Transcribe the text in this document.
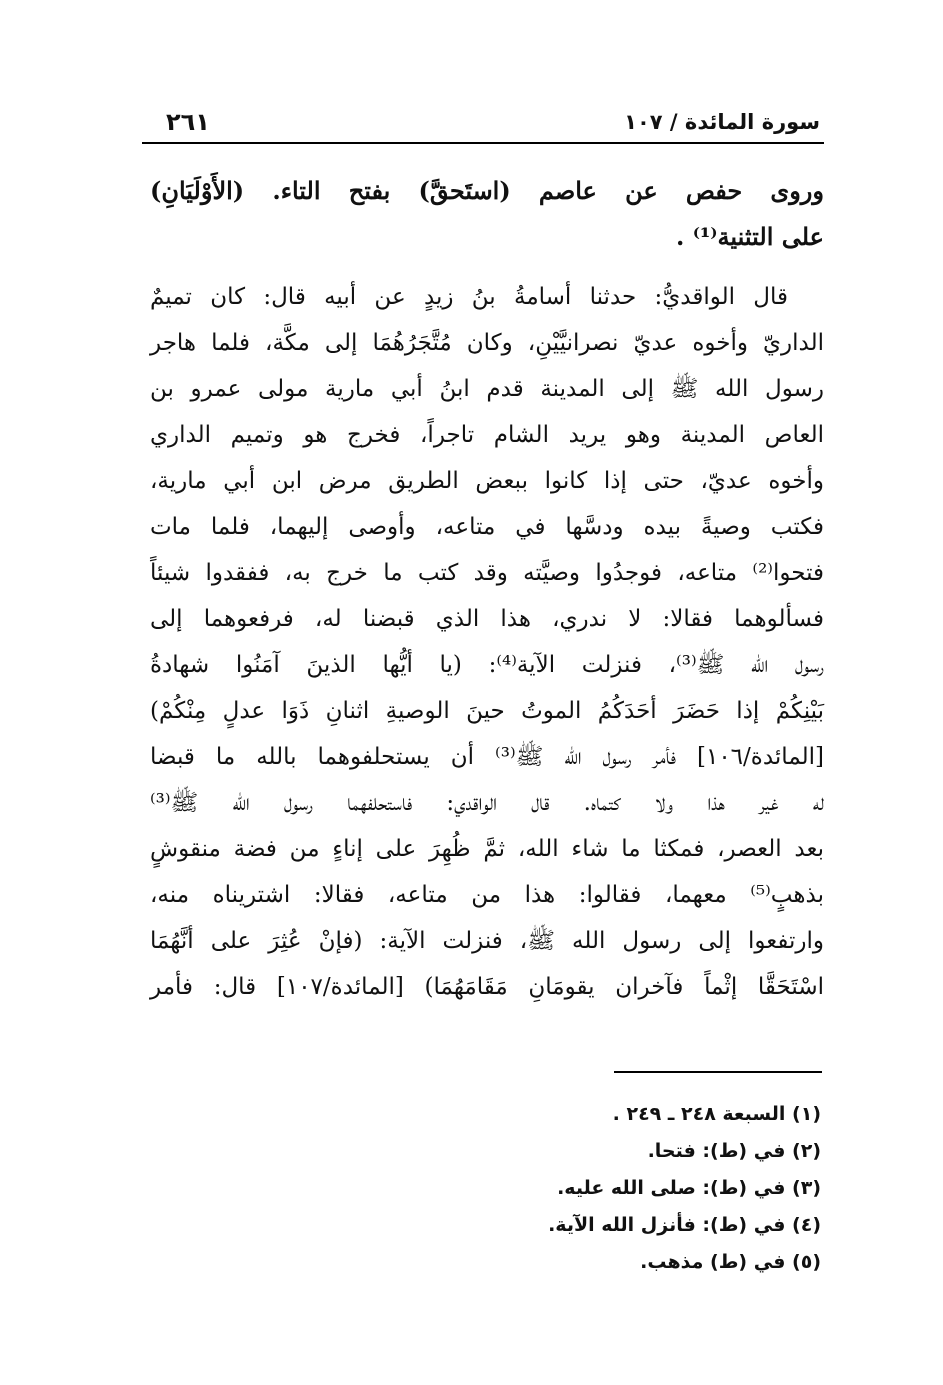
٢٦١	سورة المائدة / ١٠٧
وروى حفص عن عاصم (استَحقَّ) بفتح التاء. (الأَوْلَيَانِ)
على التثنية⁽¹⁾ .
قال الواقديُّ: حدثنا أسامةُ بنُ زيدٍ عن أبيه قال: كان تميمٌ
الداريّ وأخوه عديّ نصرانيَّيْنِ، وكان مُتَّجَرُهُمَا إلى مكَّة، فلما هاجر
رسول الله ﷺ إلى المدينة قدم ابنُ أبي مارية مولى عمرو بن
العاص المدينة وهو يريد الشام تاجراً، فخرج هو وتميم الداري
وأخوه عديّ، حتى إذا كانوا ببعض الطريق مرض ابن أبي مارية،
فكتب وصيةً بيده ودسَّها في متاعه، وأوصى إليهما، فلما مات
فتحوا⁽²⁾ متاعه، فوجدُوا وصيَّته وقد كتب ما خرج به، ففقدوا شيئاً
فسألوهما فقالا: لا ندري، هذا الذي قبضنا له، فرفعوهما إلى
رسول الله ﷺ⁽³⁾، فنزلت الآية⁽⁴⁾: (يا أيُّها الذينَ آمَنُوا شهادةُ
بَيْنِكُمْ إذا حَضَرَ أحَدَكُمُ الموتُ حينَ الوصيةِ اثنانِ ذَوَا عدلٍ مِنْكُمْ)
[المائدة/١٠٦] فأمر رسول الله ﷺ⁽³⁾ أن يستحلفوهما بالله ما قبضا
له غير هذا ولا كتماه. قال الواقدي: فاستحلفهما رسول الله ﷺ⁽³⁾
بعد العصر، فمكثا ما شاء الله، ثمَّ ظُهِرَ على إناءٍ من فضة منقوشٍ
بذهبٍ⁽⁵⁾ معهما، فقالوا: هذا من متاعه، فقالا: اشتريناه منه،
وارتفعوا إلى رسول الله ﷺ، فنزلت الآية: (فإنْ عُثِرَ على أنَّهُمَا
اسْتَحَقَّا إثْماً فآخران يقومَانِ مَقَامَهُمَا) [المائدة/١٠٧] قال: فأمر
(١) السبعة ٢٤٨ ـ ٢٤٩ .
(٢) في (ط): فتحا.
(٣) في (ط): صلى الله عليه.
(٤) في (ط): فأنزل الله الآية.
(٥) في (ط) مذهب.
